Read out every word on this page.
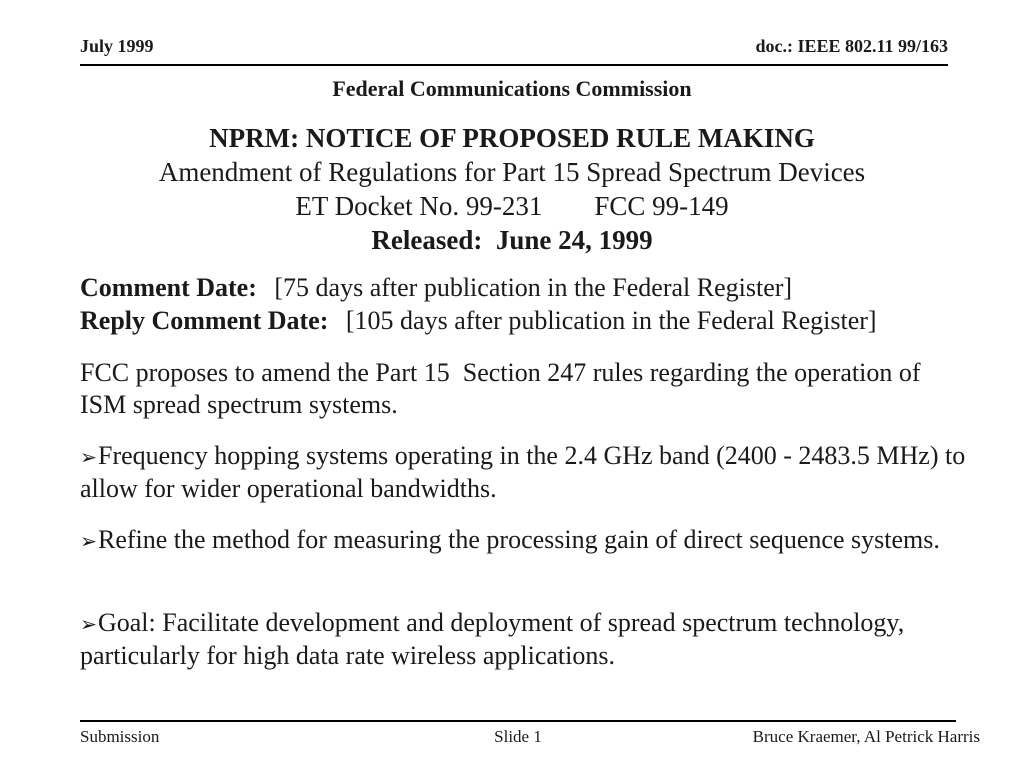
July 1999	doc.: IEEE 802.11 99/163
Federal Communications Commission
NPRM: NOTICE OF PROPOSED RULE MAKING
Amendment of Regulations for Part 15 Spread Spectrum Devices
ET Docket No. 99-231 FCC 99-149
Released:  June 24, 1999
Comment Date: [75 days after publication in the Federal Register]
Reply Comment Date: [105 days after publication in the Federal Register]
FCC proposes to amend the Part 15  Section 247 rules regarding the operation of ISM spread spectrum systems.
➢Frequency hopping systems operating in the 2.4 GHz band (2400 - 2483.5 MHz) to allow for wider operational bandwidths.
➢Refine the method for measuring the processing gain of direct sequence systems.
➢Goal: Facilitate development and deployment of spread spectrum technology, particularly for high data rate wireless applications.
Submission	Slide 1	Bruce Kraemer, Al Petrick Harris
